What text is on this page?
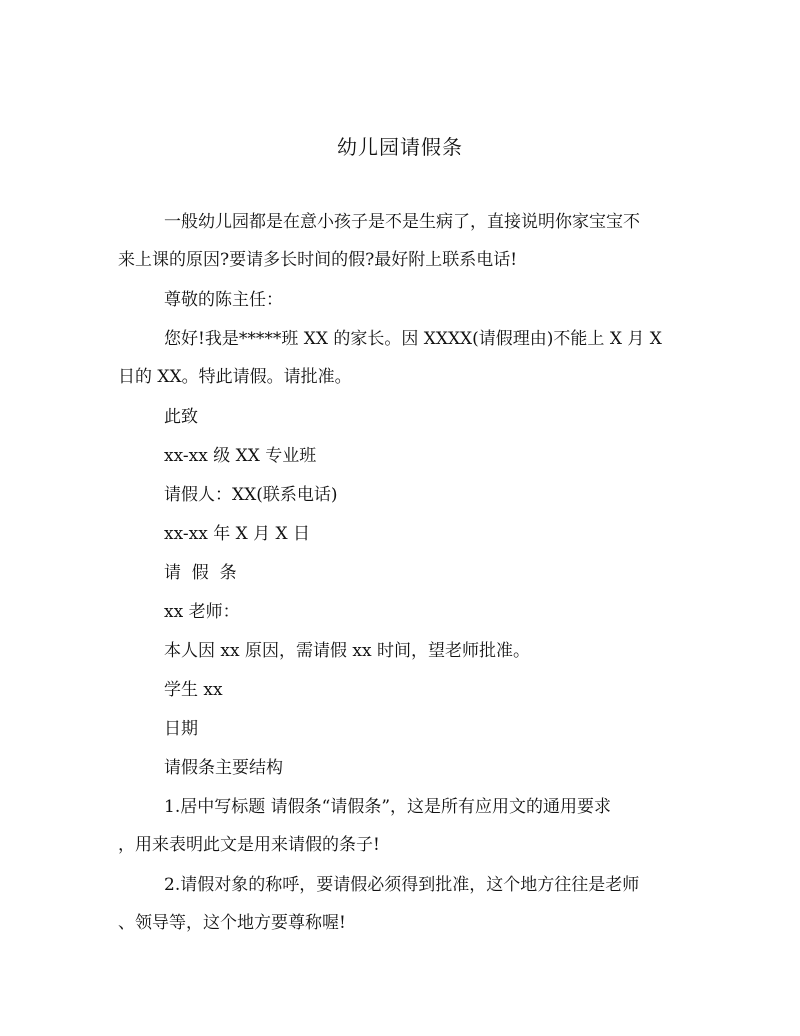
幼儿园请假条

一般幼儿园都是在意小孩子是不是生病了，直接说明你家宝宝不
来上课的原因?要请多长时间的假?最好附上联系电话!

尊敬的陈主任：

您好!我是*****班 XX 的家长。因 XXXX(请假理由)不能上 X 月 X
日的 XX。特此请假。请批准。

此致

xx-xx 级 XX 专业班

请假人：XX(联系电话)

xx-xx 年 X 月 X 日

请  假  条

xx 老师：

本人因 xx 原因，需请假 xx 时间，望老师批准。

学生 xx

日期

请假条主要结构

1.居中写标题 请假条“请假条”，这是所有应用文的通用要求
，用来表明此文是用来请假的条子!

2.请假对象的称呼，要请假必须得到批准，这个地方往往是老师
、领导等，这个地方要尊称喔!
